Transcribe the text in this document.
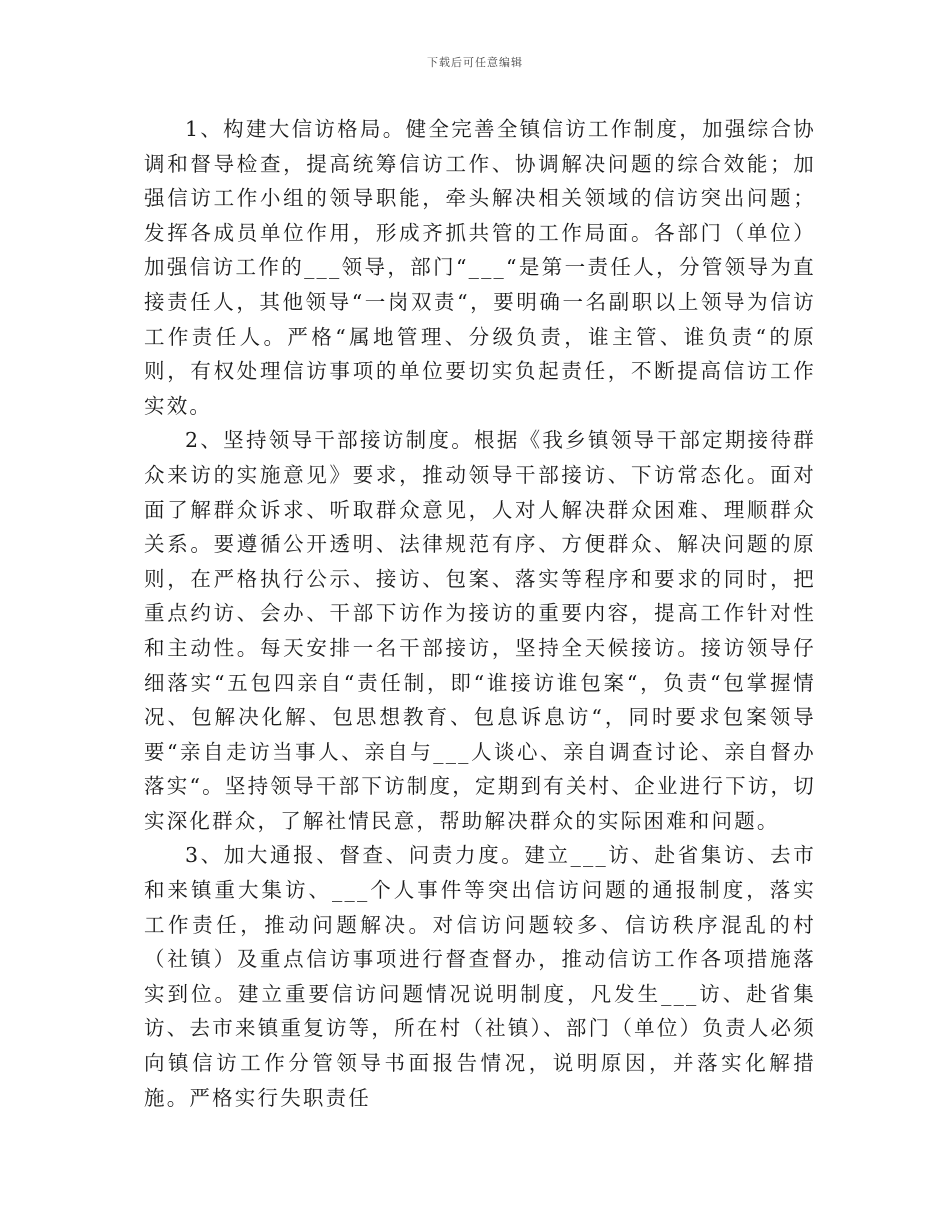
下载后可任意编辑

1、构建大信访格局。健全完善全镇信访工作制度，加强综合协调和督导检查，提高统筹信访工作、协调解决问题的综合效能；加强信访工作小组的领导职能，牵头解决相关领域的信访突出问题；发挥各成员单位作用，形成齐抓共管的工作局面。各部门（单位）加强信访工作的___领导，部门“___“是第一责任人，分管领导为直接责任人，其他领导“一岗双责“，要明确一名副职以上领导为信访工作责任人。严格“属地管理、分级负责，谁主管、谁负责“的原则，有权处理信访事项的单位要切实负起责任，不断提高信访工作实效。

2、坚持领导干部接访制度。根据《我乡镇领导干部定期接待群众来访的实施意见》要求，推动领导干部接访、下访常态化。面对面了解群众诉求、听取群众意见，人对人解决群众困难、理顺群众关系。要遵循公开透明、法律规范有序、方便群众、解决问题的原则，在严格执行公示、接访、包案、落实等程序和要求的同时，把重点约访、会办、干部下访作为接访的重要内容，提高工作针对性和主动性。每天安排一名干部接访，坚持全天候接访。接访领导仔细落实“五包四亲自“责任制，即“谁接访谁包案“，负责“包掌握情况、包解决化解、包思想教育、包息诉息访“，同时要求包案领导要“亲自走访当事人、亲自与___人谈心、亲自调查讨论、亲自督办落实“。坚持领导干部下访制度，定期到有关村、企业进行下访，切实深化群众，了解社情民意，帮助解决群众的实际困难和问题。

3、加大通报、督查、问责力度。建立___访、赴省集访、去市和来镇重大集访、___个人事件等突出信访问题的通报制度，落实工作责任，推动问题解决。对信访问题较多、信访秩序混乱的村（社镇）及重点信访事项进行督查督办，推动信访工作各项措施落实到位。建立重要信访问题情况说明制度，凡发生___访、赴省集访、去市来镇重复访等，所在村（社镇）、部门（单位）负责人必须向镇信访工作分管领导书面报告情况，说明原因，并落实化解措施。严格实行失职责任
